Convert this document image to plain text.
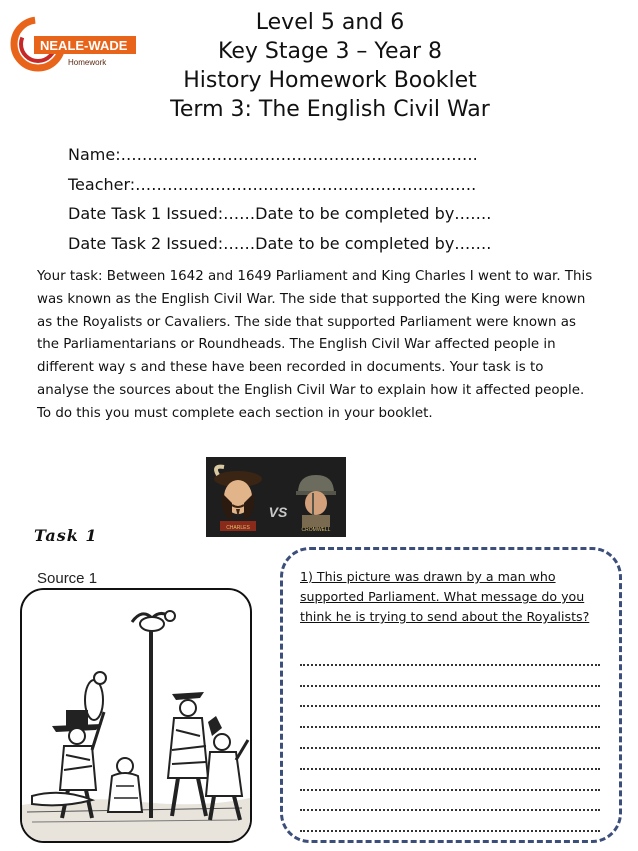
NEALE-WADE
Homework
Level 5 and 6
Key Stage 3 – Year 8
History Homework Booklet
Term 3: The English Civil War
Name:………………………………………………………….
Teacher:……………………………………………………….
Date Task 1 Issued:……Date to be completed by…….
Date Task 2 Issued:……Date to be completed by…….
Your task: Between 1642 and 1649 Parliament and King Charles I went to war. This was known as the English Civil War. The side that supported the King were known as the Royalists or Cavaliers. The side that supported Parliament were known as the Parliamentarians or Roundheads. The English Civil War affected people in different way s and these have been recorded in documents. Your task is to analyse the sources about the English Civil War to explain how it affected people. To do this you must complete each section in your booklet.
CHARLES
VS
CROMWELL
Task 1
Source 1	1) This picture was drawn by a man who supported Parliament. What message do you think he is trying to send about the Royalists?
